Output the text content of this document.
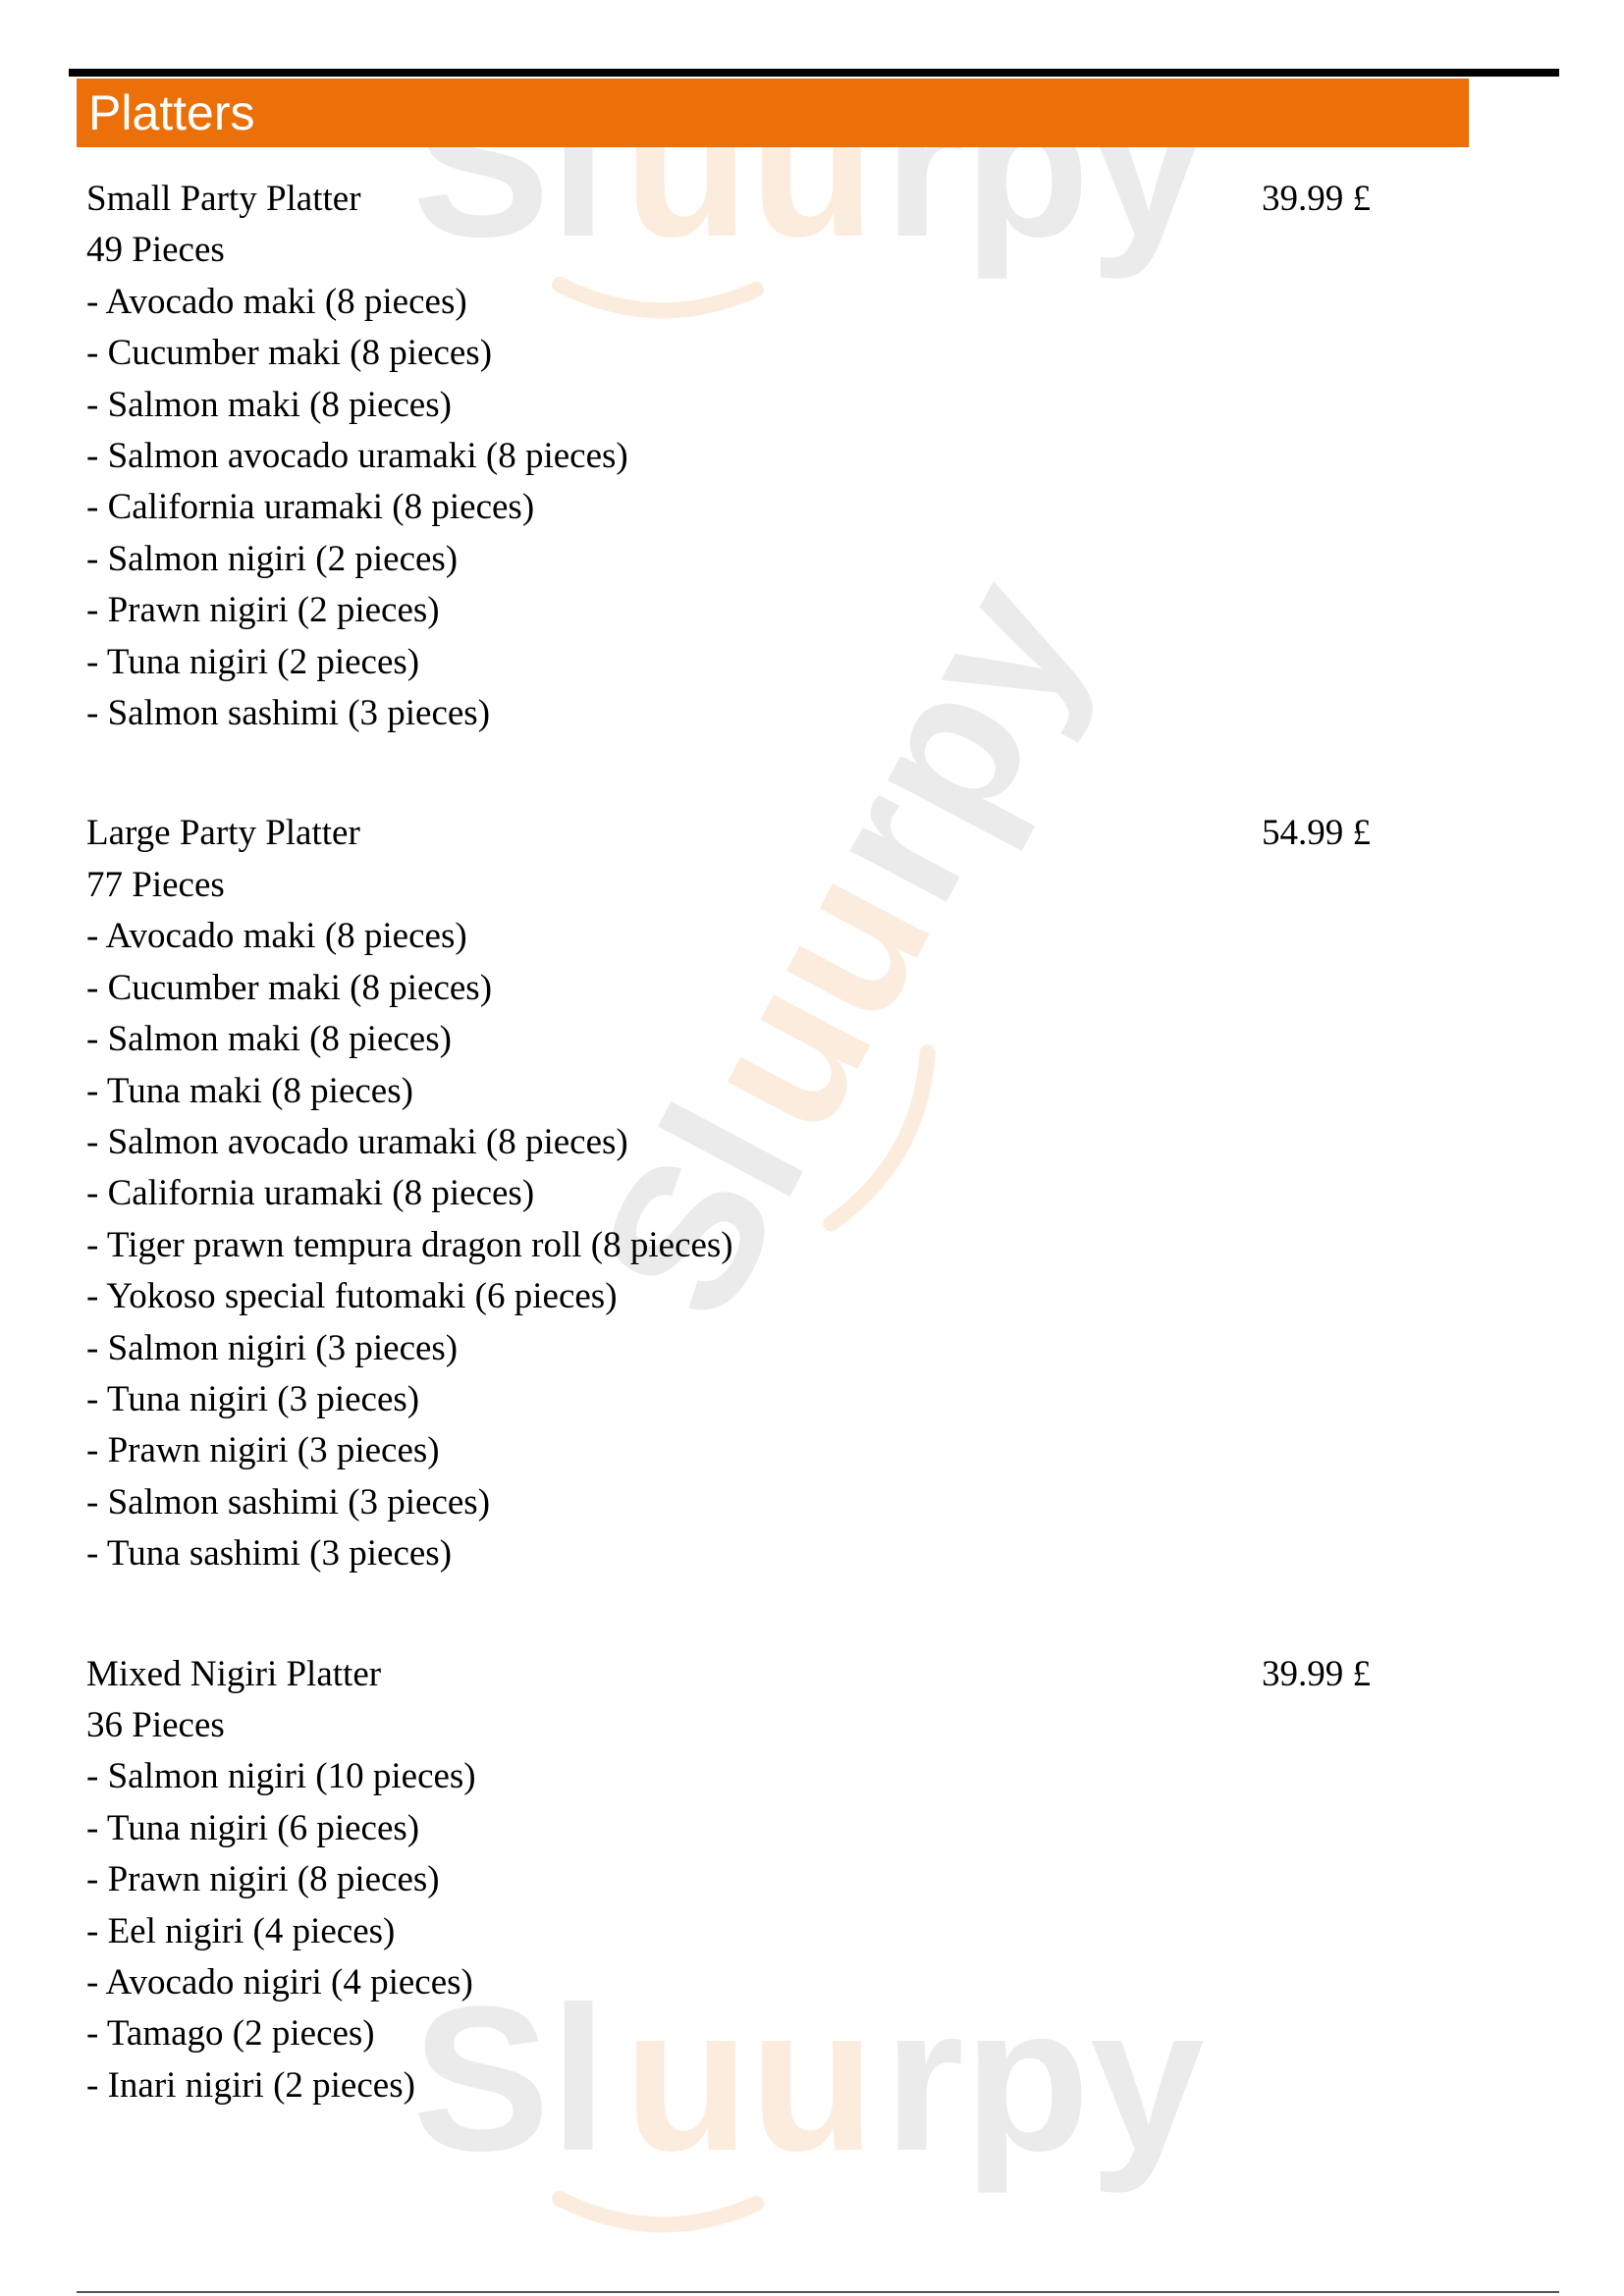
Sl uu rpy
Sl
uu
rpy
Sl uu rpy
Platters
Small Party Platter	39.99 £
49 Pieces
- Avocado maki (8 pieces)
- Cucumber maki (8 pieces)
- Salmon maki (8 pieces)
- Salmon avocado uramaki (8 pieces)
- California uramaki (8 pieces)
- Salmon nigiri (2 pieces)
- Prawn nigiri (2 pieces)
- Tuna nigiri (2 pieces)
- Salmon sashimi (3 pieces)
Large Party Platter	54.99 £
77 Pieces
- Avocado maki (8 pieces)
- Cucumber maki (8 pieces)
- Salmon maki (8 pieces)
- Tuna maki (8 pieces)
- Salmon avocado uramaki (8 pieces)
- California uramaki (8 pieces)
- Tiger prawn tempura dragon roll (8 pieces)
- Yokoso special futomaki (6 pieces)
- Salmon nigiri (3 pieces)
- Tuna nigiri (3 pieces)
- Prawn nigiri (3 pieces)
- Salmon sashimi (3 pieces)
- Tuna sashimi (3 pieces)
Mixed Nigiri Platter	39.99 £
36 Pieces
- Salmon nigiri (10 pieces)
- Tuna nigiri (6 pieces)
- Prawn nigiri (8 pieces)
- Eel nigiri (4 pieces)
- Avocado nigiri (4 pieces)
- Tamago (2 pieces)
- Inari nigiri (2 pieces)
